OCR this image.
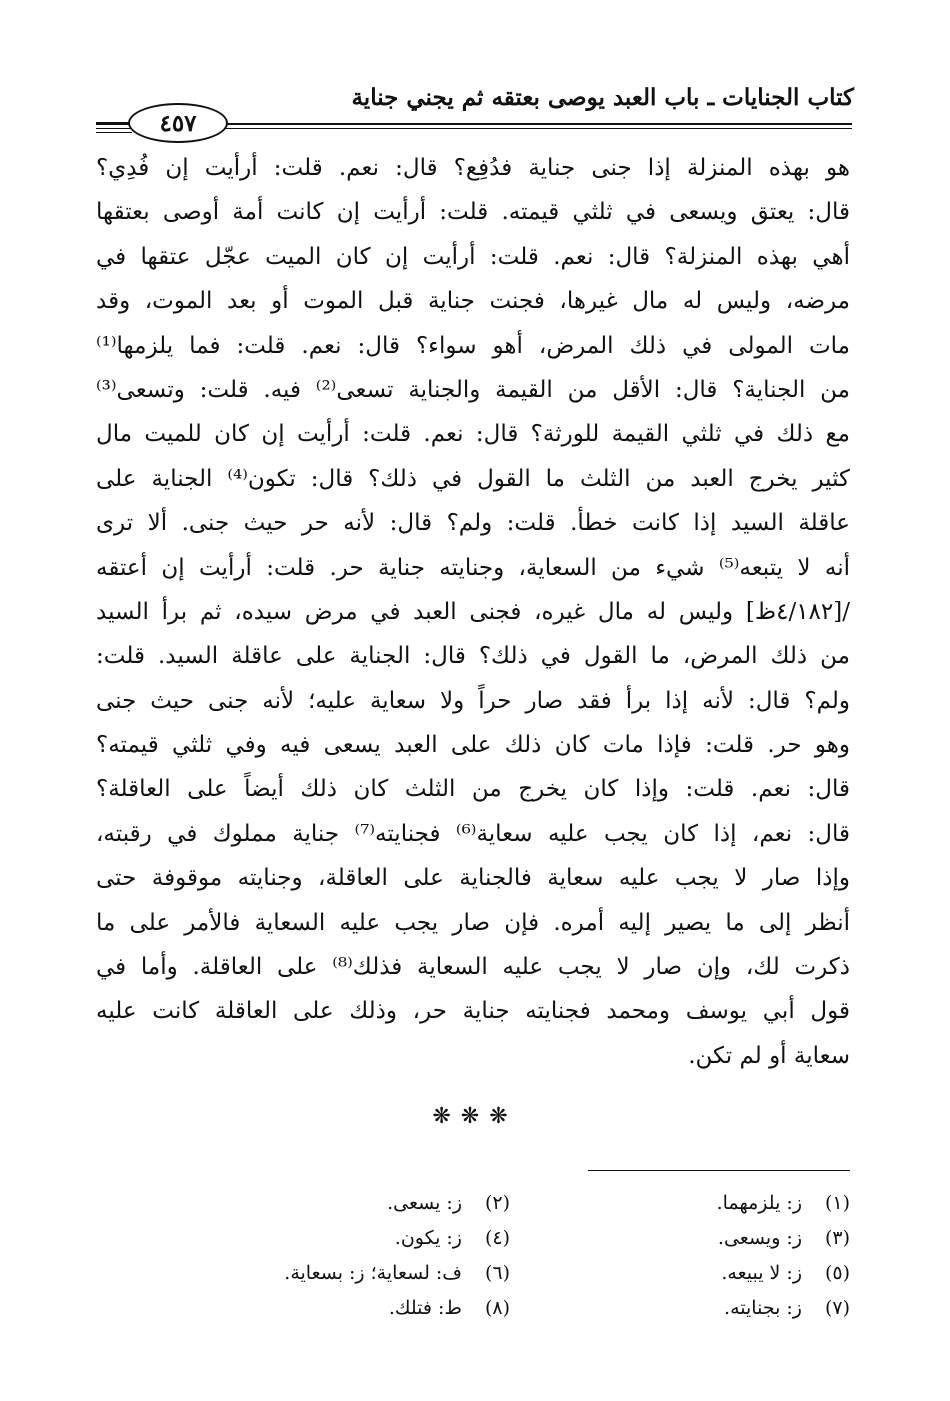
كتاب الجنايات ـ باب العبد يوصى بعتقه ثم يجني جناية
٤٥٧
هو بهذه المنزلة إذا جنى جناية فدُفِع؟ قال: نعم. قلت: أرأيت إن فُدِي؟
قال: يعتق ويسعى في ثلثي قيمته. قلت: أرأيت إن كانت أمة أوصى بعتقها
أهي بهذه المنزلة؟ قال: نعم. قلت: أرأيت إن كان الميت عجّل عتقها في
مرضه، وليس له مال غيرها، فجنت جناية قبل الموت أو بعد الموت، وقد
مات المولى في ذلك المرض، أهو سواء؟ قال: نعم. قلت: فما يلزمها⁽¹⁾
من الجناية؟ قال: الأقل من القيمة والجناية تسعى⁽²⁾ فيه. قلت: وتسعى⁽³⁾
مع ذلك في ثلثي القيمة للورثة؟ قال: نعم. قلت: أرأيت إن كان للميت مال
كثير يخرج العبد من الثلث ما القول في ذلك؟ قال: تكون⁽⁴⁾ الجناية على
عاقلة السيد إذا كانت خطأ. قلت: ولم؟ قال: لأنه حر حيث جنى. ألا ترى
أنه لا يتبعه⁽⁵⁾ شيء من السعاية، وجنايته جناية حر. قلت: أرأيت إن أعتقه
/[٤/١٨٢ظ] وليس له مال غيره، فجنى العبد في مرض سيده، ثم برأ السيد
من ذلك المرض، ما القول في ذلك؟ قال: الجناية على عاقلة السيد. قلت:
ولم؟ قال: لأنه إذا برأ فقد صار حراً ولا سعاية عليه؛ لأنه جنى حيث جنى
وهو حر. قلت: فإذا مات كان ذلك على العبد يسعى فيه وفي ثلثي قيمته؟
قال: نعم. قلت: وإذا كان يخرج من الثلث كان ذلك أيضاً على العاقلة؟
قال: نعم، إذا كان يجب عليه سعاية⁽⁶⁾ فجنايته⁽⁷⁾ جناية مملوك في رقبته،
وإذا صار لا يجب عليه سعاية فالجناية على العاقلة، وجنايته موقوفة حتى
أنظر إلى ما يصير إليه أمره. فإن صار يجب عليه السعاية فالأمر على ما
ذكرت لك، وإن صار لا يجب عليه السعاية فذلك⁽⁸⁾ على العاقلة. وأما في
قول أبي يوسف ومحمد فجنايته جناية حر، وذلك على العاقلة كانت عليه
سعاية أو لم تكن.
❋❋❋
(١)ز: يلزمهما.
(٢)ز: يسعى.
(٣)ز: ويسعى.
(٤)ز: يكون.
(٥)ز: لا يبيعه.
(٦)ف: لسعاية؛ ز: بسعاية.
(٧)ز: بجنايته.
(٨)ط: فتلك.
